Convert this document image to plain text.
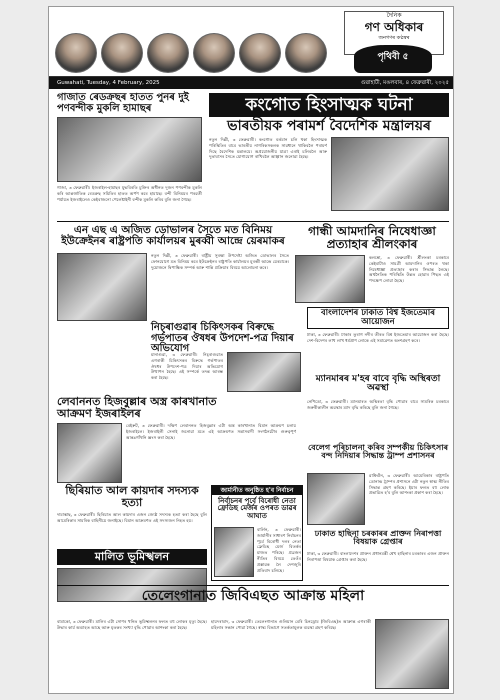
দৈনিক
গণ অধিকাৰ
জনগণৰ কণ্ঠস্বৰ
পৃথিবী ৫
Guwahati, Tuesday, 4 February, 2025	গুৱাহাটী, মঙলবাৰ, ৪ ফেব্ৰুৱাৰী, ২০২৫
গাজাত ৰেডক্ৰছৰ হাতত পুনৰ দুই পণবন্দীক মুকলি হামাছৰ
গাজা, ৩ ফেব্ৰুৱাৰী। ইজৰাইল-হামাছৰ যুদ্ধবিৰতি চুক্তিৰ অধীনত দুজন পণবন্দীক মুকলি কৰি আন্তৰ্জাতিক ৰেডক্ৰছ সমিতিৰ হাতত অৰ্পণ কৰে হামাছে। বন্দী বিনিময়ৰ পৰৱৰ্তী পৰ্যায়ত ইজৰাইলেও কেইবাজনো পেলেষ্টাইনী বন্দীক মুকলি কৰিব বুলি জনা গৈছে।
কংগোত হিংসাত্মক ঘটনা
ভাৰতীয়ক পৰামৰ্শ বৈদেশিক মন্ত্ৰালয়ৰ
নতুন দিল্লী, ৩ ফেব্ৰুৱাৰী। কংগোত বৰ্তমান চলি থকা হিংসাত্মক পৰিস্থিতিৰ বাবে ভাৰতীয় নাগৰিকসকলক সাৱধানে থাকিবলৈ পৰামৰ্শ দিছে বৈদেশিক মন্ত্ৰালয়ে। অপ্ৰয়োজনীয় যাত্ৰা এৰাই চলিবলৈ আৰু দূতাবাসৰ সৈতে যোগাযোগ ৰাখিবলৈ আহ্বান জনোৱা হৈছে।
এন এছ এ অজিত ডোভালৰ সৈতে মত বিনিময় ইউক্ৰেইনৰ ৰাষ্ট্ৰপতি কাৰ্যালয়ৰ মুৰব্বী আন্দ্ৰে য়েৰমাকৰ
নতুন দিল্লী, ৩ ফেব্ৰুৱাৰী। ৰাষ্ট্ৰীয় সুৰক্ষা উপদেষ্টা অজিত ডোভালৰ সৈতে ফোনযোগে মত বিনিময় কৰে ইউক্ৰেইনৰ ৰাষ্ট্ৰপতি কাৰ্যালয়ৰ মুৰব্বী আন্দ্ৰে য়েৰমাকে। দুয়োজনে দ্বিপাক্ষিক সম্পৰ্ক আৰু শান্তি প্ৰক্ৰিয়াৰ বিষয়ে আলোচনা কৰে।
গান্ধী আমদানিৰ নিষেধাজ্ঞা প্ৰত্যাহাৰ শ্ৰীলংকাৰ
কলম্বো, ৩ ফেব্ৰুৱাৰী। শ্ৰীলংকা চৰকাৰে কেইবাটাও সামগ্ৰী আমদানিৰ ওপৰত থকা নিষেধাজ্ঞা প্ৰত্যাহাৰ কৰাৰ সিদ্ধান্ত লৈছে। অৰ্থনৈতিক পৰিস্থিতি উন্নত হোৱাৰ পিছত এই পদক্ষেপ লোৱা হৈছে।
নিচ্‌ৰাগুৱাৰ চিকিৎসকৰ বিৰুদ্ধে গৰ্ভপাতৰ ঔষধৰ উপদেশ-পত্ৰ দিয়াৰ অভিযোগ
মানাগুৱা, ৩ ফেব্ৰুৱাৰী। নিচ্‌ৰাগুৱাত এগৰাকী চিকিৎসকৰ বিৰুদ্ধে গৰ্ভপাতৰ ঔষধৰ উপদেশ-পত্ৰ দিয়াৰ অভিযোগ উত্থাপন হৈছে। এই সম্পৰ্কে তদন্ত আৰম্ভ কৰা হৈছে।
বাংলাদেশৰ ঢাকাত বিশ্ব ইজতেমাৰ আয়োজন
ঢাকা, ৩ ফেব্ৰুৱাৰী। ঢাকাৰ তুৰাগ নদীৰ তীৰত বিশ্ব ইজতেমাৰ আয়োজন কৰা হৈছে। দেশ-বিদেশৰ লাখ লাখ ধৰ্মপ্ৰাণ লোকে এই সমাৱেশত অংশগ্ৰহণ কৰে।
ম্যানমাৰৰ ম'হৰ বাবে বৃদ্ধি অস্থিৰতা অৱস্থা
নেপিডো, ৩ ফেব্ৰুৱাৰী। ম্যানমাৰত অস্থিৰতা বৃদ্ধি পোৱাৰ বাবে সামৰিক চৰকাৰে জৰুৰীকালীন অৱস্থাৰ ম্যাদ বৃদ্ধি কৰিছে বুলি জনা গৈছে।
লেবাননত হিজবুল্লাৰ অস্ত্ৰ কাৰখানাত আক্ৰমণ ইজৰাইলৰ
বেইৰুট, ৩ ফেব্ৰুৱাৰী। দক্ষিণ লেবাননত হিজবুল্লাৰ এটা অস্ত্ৰ কাৰখানাত বিমান আক্ৰমণ চলায় ইজৰাইলে। ইজৰাইলী সেনাই জনোৱা মতে এই আক্ৰমণত সন্ত্ৰাসবাদী সংগঠনটোৰ গুৰুত্বপূৰ্ণ আন্তঃগাঁথনি ধ্বংস কৰা হৈছে।
বেলেগ পৰিচালনা কৰিব সম্পৰ্কীয় চিকিৎসাৰ বন্দ নিদিয়াৰ সিদ্ধান্ত ট্ৰাম্প প্ৰশাসনৰ
ৱাশ্বিংটন, ৩ ফেব্ৰুৱাৰী। আমেৰিকাৰ ৰাষ্ট্ৰপতি ডোনাল্ড ট্ৰাম্পৰ প্ৰশাসনে এটা নতুন স্বাস্থ্য নীতিৰ সিদ্ধান্ত গ্ৰহণ কৰিছে। ইয়াৰ ফলত বহু লোক প্ৰভাৱিত হ'ব বুলি আশংকা প্ৰকাশ কৰা হৈছে।
ছিৰিয়াত আল কায়দাৰ সদস্যক হত্যা
দামাস্কাছ, ৩ ফেব্ৰুৱাৰী। ছিৰিয়াত আল কায়দাৰ এজন জ্যেষ্ঠ সদস্যক হত্যা কৰা হৈছে বুলি আমেৰিকাৰ সামৰিক বাহিনীয়ে জনাইছে। বিমান আক্ৰমণত এই সদস্যজন নিহত হয়।
জাৰ্মানীত অনুষ্ঠিত হ'ব নিৰ্বাচন
নিৰ্বাচনৰ পূৰ্বে বিৰোধী নেতা ফ্ৰেডিছ মেৰ্জৰ ওপৰত ডাৱৰ আঘাত
বাৰ্লিন, ৩ ফেব্ৰুৱাৰী। জাৰ্মানীৰ সাধাৰণ নিৰ্বাচনৰ পূৰ্বে বিৰোধী দলৰ নেতা ফ্ৰেডিছ মেৰ্জ বিতৰ্কৰ মাজত পৰিছে। প্ৰব্ৰজন নীতিৰ বিষয়ে তেওঁৰ প্ৰস্তাৱক লৈ দেশজুৰি প্ৰতিবাদ চলিছে।
ঢাকাত হাছিনা চৰকাৰৰ প্ৰাক্তন নিৰাপত্তা বিষয়াক গ্ৰেপ্তাৰ
ঢাকা, ৩ ফেব্ৰুৱাৰী। বাংলাদেশৰ প্ৰাক্তন প্ৰধানমন্ত্ৰী শ্বেখ হাছিনাৰ চৰকাৰৰ এজন প্ৰাক্তন নিৰাপত্তা বিষয়াক গ্ৰেপ্তাৰ কৰা হৈছে।
মালিত ভূমিস্খলন
বামাকো, ৩ ফেব্ৰুৱাৰী। মালিৰ এটা সোণৰ খনিত ভূমিস্খলনৰ ফলত বহু লোকৰ মৃত্যু হৈছে। উদ্ধাৰ কাৰ্য অব্যাহত আছে আৰু মৃতকৰ সংখ্যা বৃদ্ধি পোৱাৰ আশংকা কৰা হৈছে।
তেলেংগানাত জিবিএছত আক্ৰান্ত মহিলা
হায়দৰাবাদ, ৩ ফেব্ৰুৱাৰী। তেলেংগানাত গুলিয়ান বেৰি চিনড্ৰোম (জিবিএছ)ত আক্ৰান্ত এগৰাকী মহিলাৰ সন্ধান পোৱা গৈছে। স্বাস্থ্য বিভাগে সতৰ্কতামূলক ব্যৱস্থা গ্ৰহণ কৰিছে।
